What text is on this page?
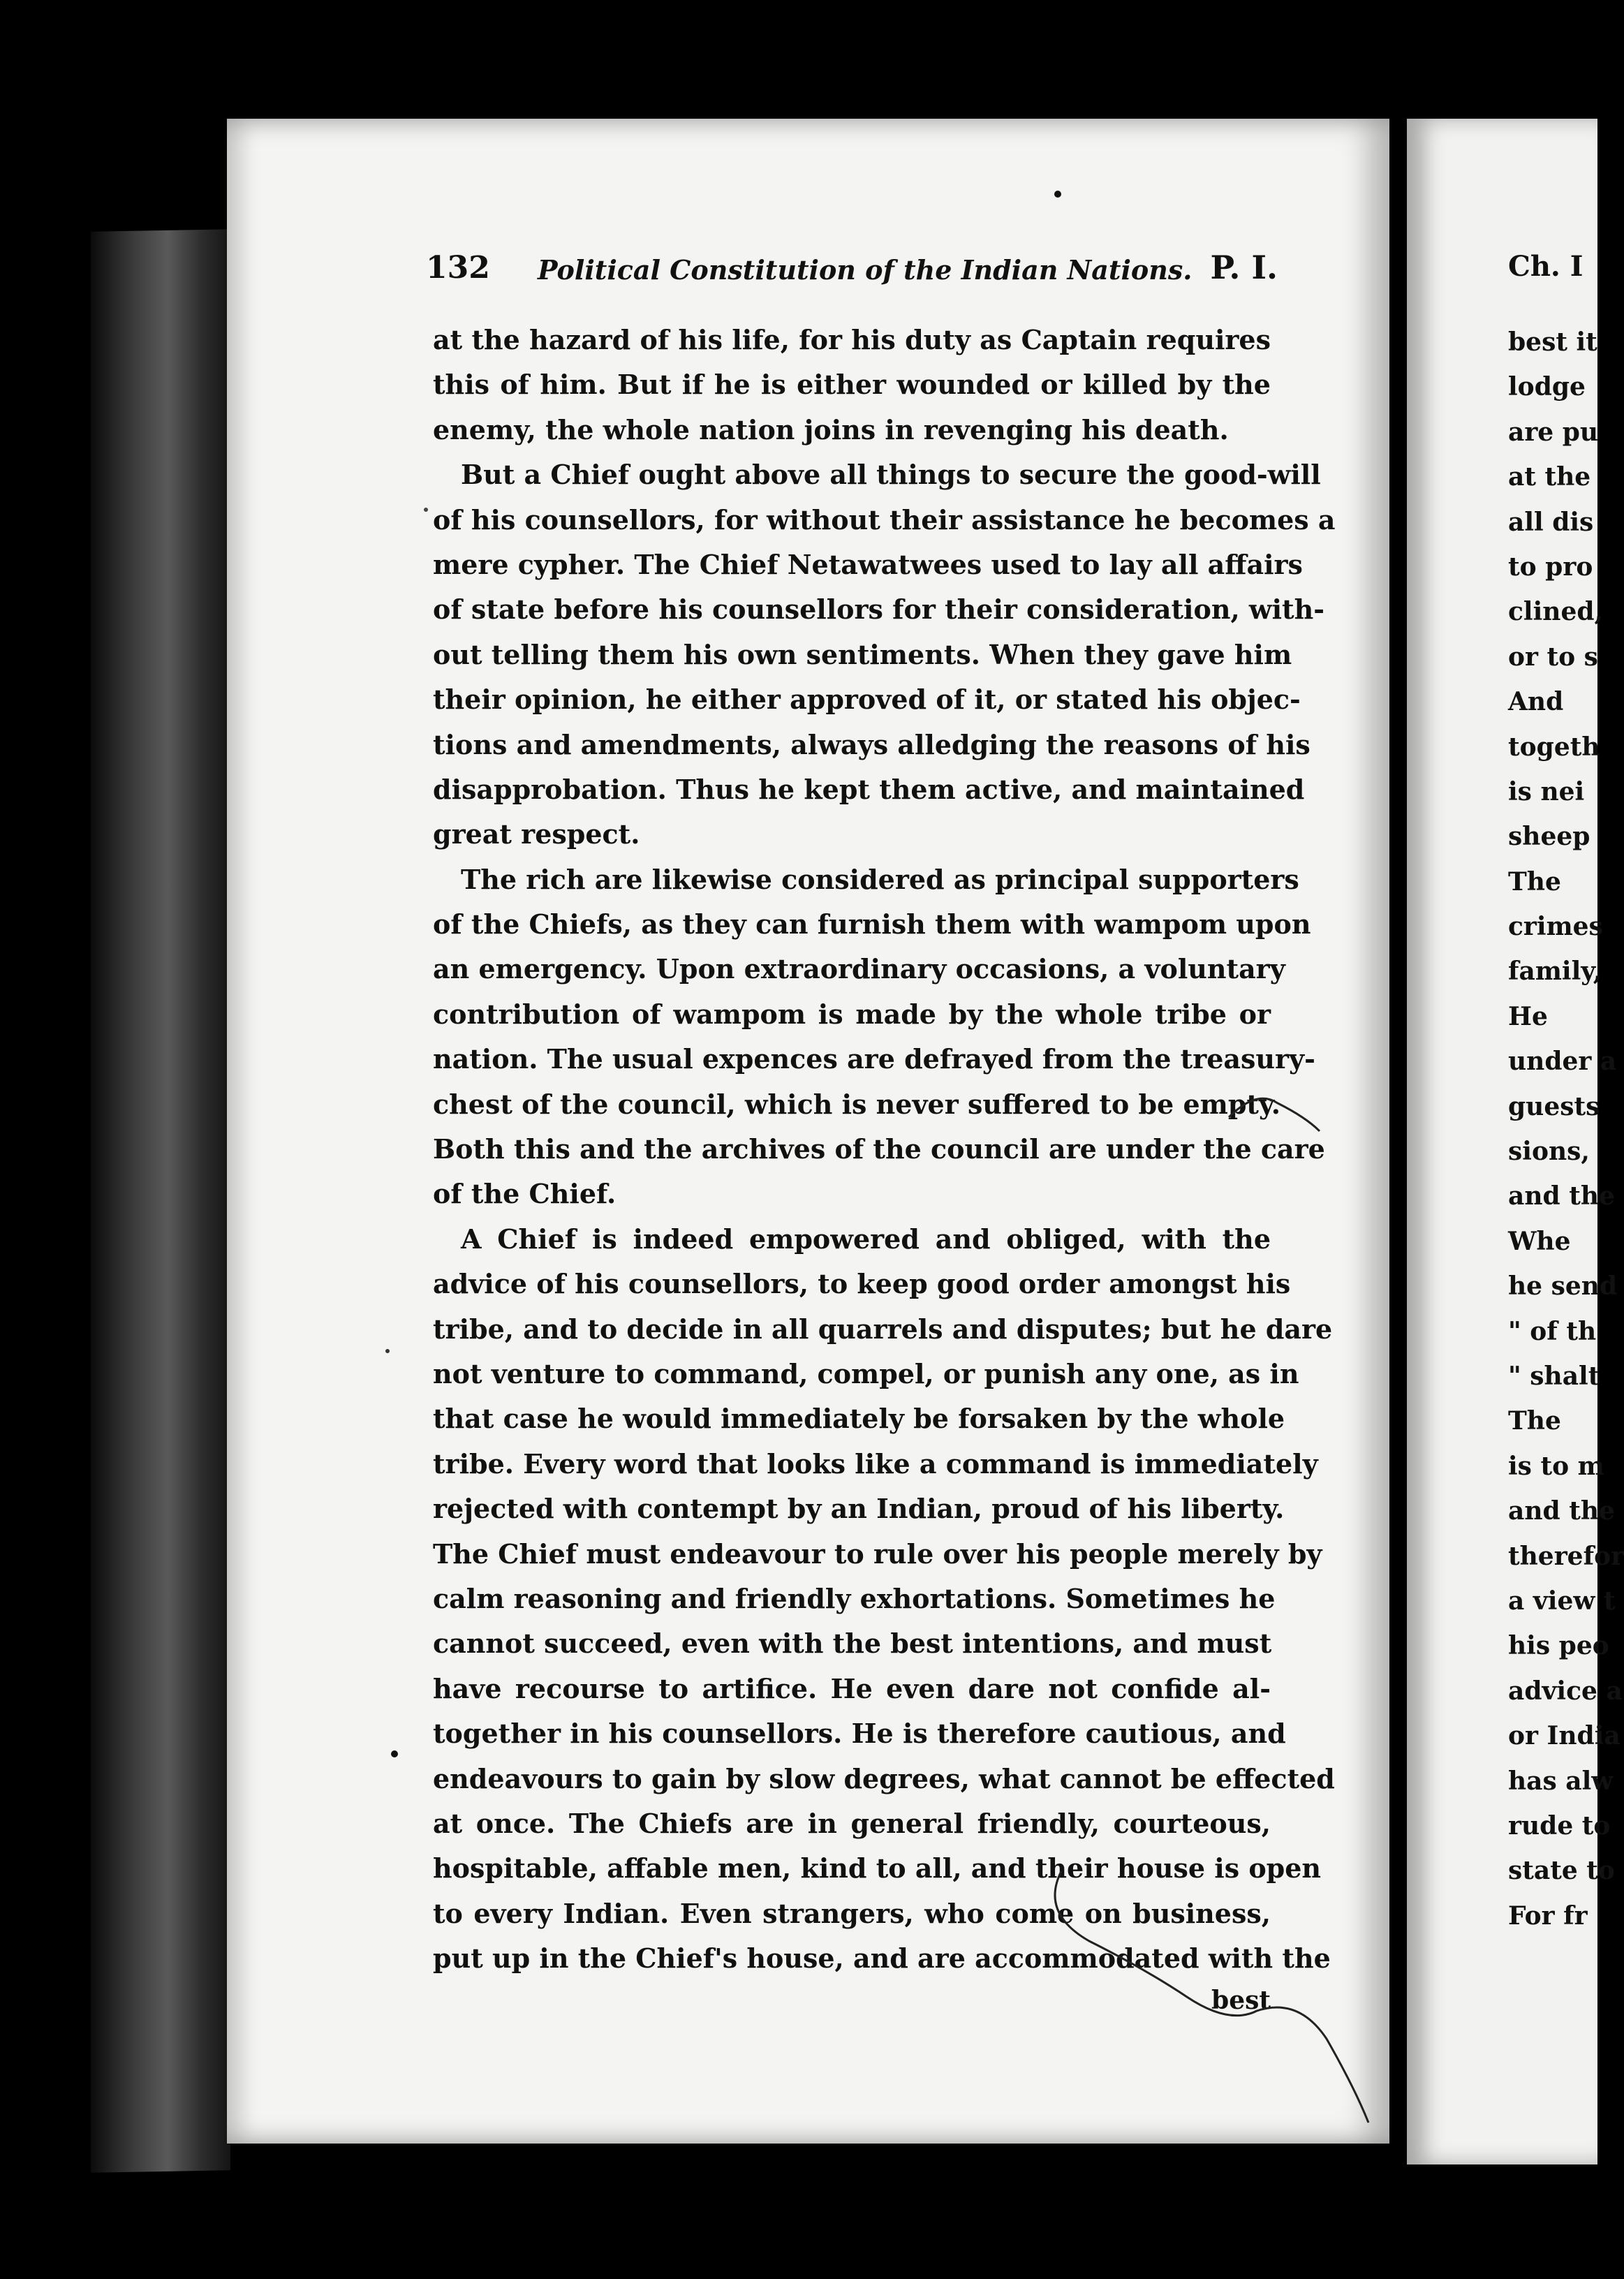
132 Political Constitution of the Indian Nations. P. I.
at the hazard of his life, for his duty as Captain requires
this of him. But if he is either wounded or killed by the
enemy, the whole nation joins in revenging his death.
But a Chief ought above all things to secure the good-will
of his counsellors, for without their assistance he becomes a
mere cypher. The Chief Netawatwees used to lay all affairs
of state before his counsellors for their consideration, with-
out telling them his own sentiments. When they gave him
their opinion, he either approved of it, or stated his objec-
tions and amendments, always alledging the reasons of his
disapprobation. Thus he kept them active, and maintained
great respect.
The rich are likewise considered as principal supporters
of the Chiefs, as they can furnish them with wampom upon
an emergency. Upon extraordinary occasions, a voluntary
contribution of wampom is made by the whole tribe or
nation. The usual expences are defrayed from the treasury-
chest of the council, which is never suffered to be empty.
Both this and the archives of the council are under the care
of the Chief.
A Chief is indeed empowered and obliged, with the
advice of his counsellors, to keep good order amongst his
tribe, and to decide in all quarrels and disputes; but he dare
not venture to command, compel, or punish any one, as in
that case he would immediately be forsaken by the whole
tribe. Every word that looks like a command is immediately
rejected with contempt by an Indian, proud of his liberty.
The Chief must endeavour to rule over his people merely by
calm reasoning and friendly exhortations. Sometimes he
cannot succeed, even with the best intentions, and must
have recourse to artifice. He even dare not confide al-
together in his counsellors. He is therefore cautious, and
endeavours to gain by slow degrees, what cannot be effected
at once. The Chiefs are in general friendly, courteous,
hospitable, affable men, kind to all, and their house is open
to every Indian. Even strangers, who come on business,
put up in the Chief's house, and are accommodated with the
best
Ch. I
best it
lodge
are pu
at the
all dis
to pro
clined,
or to s
And
togeth
is nei
sheep
The
crimes
family,
He
under a
guests
sions,
and the
Whe
he send
" of th
" shalt
The
is to m
and the
therefor
a view t
his peo
advice a
or India
has alw
rude to
state to
For fr
